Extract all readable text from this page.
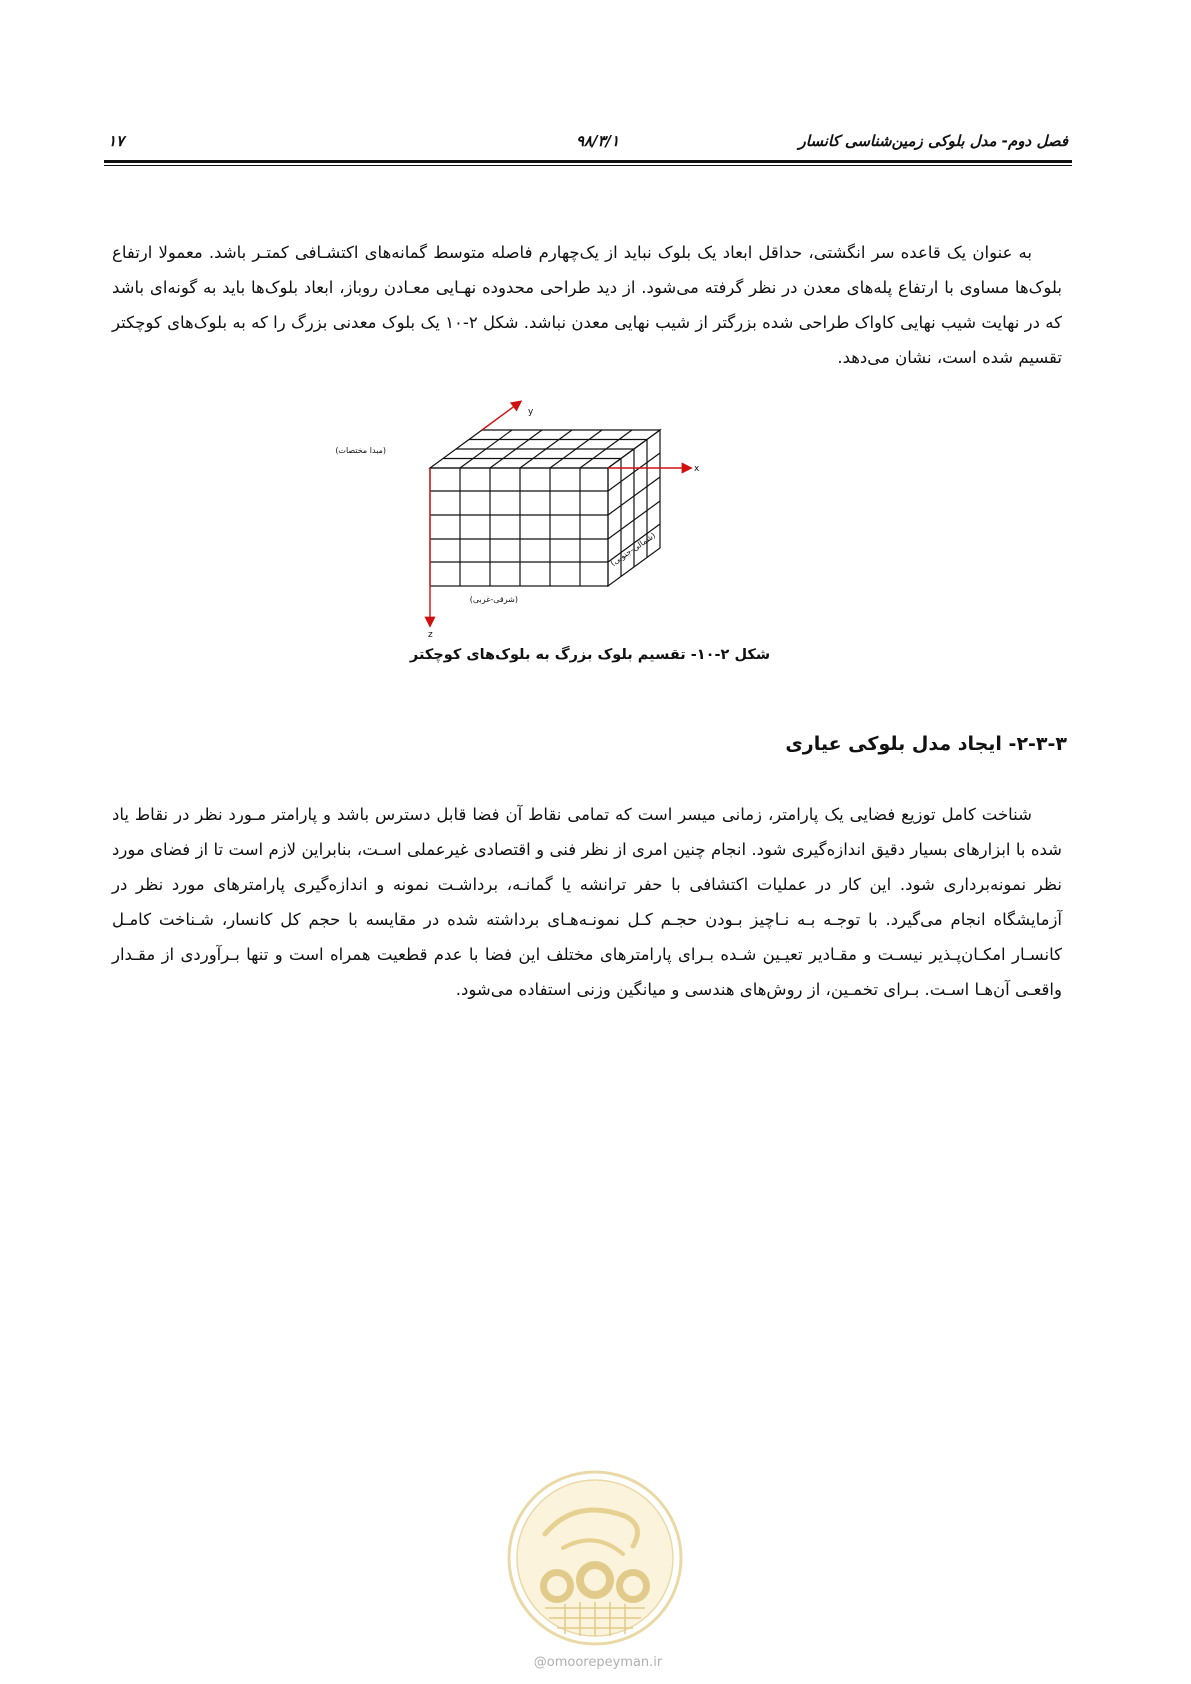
فصل دوم- مدل بلوکی زمین‌شناسی کانسار
۹۸/۳/۱
۱۷

به عنوان یک قاعده سر انگشتی، حداقل ابعاد یک بلوک نباید از یک‌چهارم فاصله متوسط گمانه‌های اکتشـافی کمتـر باشد. معمولا ارتفاع بلوک‌ها مساوی با ارتفاع پله‌های معدن در نظر گرفته می‌شود. از دید طراحی محدوده نهـایی معـادن روباز، ابعاد بلوک‌ها باید به گونه‌ای باشد که در نهایت شیب نهایی کاواک طراحی شده بزرگتر از شیب نهایی معدن نباشد. شکل ۲-۱۰ یک بلوک معدنی بزرگ را که به بلوک‌های کوچکتر تقسیم شده است، نشان می‌دهد.

y
x
z
(مبدا مختصات)
(شرقی-غربی)
(شمالی-جنوبی)
شکل ۲-۱۰- تقسیم بلوک بزرگ به بلوک‌های کوچکتر
۲-۳-۳- ایجاد مدل بلوکی عیاری

شناخت کامل توزیع فضایی یک پارامتر، زمانی میسر است که تمامی نقاط آن فضا قابل دسترس باشد و پارامتر مـورد نظر در نقاط یاد شده با ابزارهای بسیار دقیق اندازه‌گیری شود. انجام چنین امری از نظر فنی و اقتصادی غیرعملی اسـت، بنابراین لازم است تا از فضای مورد نظر نمونه‌برداری شود. این کار در عملیات اکتشافی با حفر ترانشه یا گمانـه، برداشـت نمونه و اندازه‌گیری پارامترهای مورد نظر در آزمایشگاه انجام می‌گیرد. با توجـه بـه نـاچیز بـودن حجـم کـل نمونـه‌هـای برداشته شده در مقایسه با حجم کل کانسار، شـناخت کامـل کانسـار امکـان‌پـذیر نیسـت و مقـادیر تعیـین شـده بـرای پارامترهای مختلف این فضا با عدم قطعیت همراه است و تنها بـرآوردی از مقـدار واقعـی آن‌هـا اسـت. بـرای تخمـین، از روش‌های هندسی و میانگین وزنی استفاده می‌شود.

@omoorepeyman.ir
